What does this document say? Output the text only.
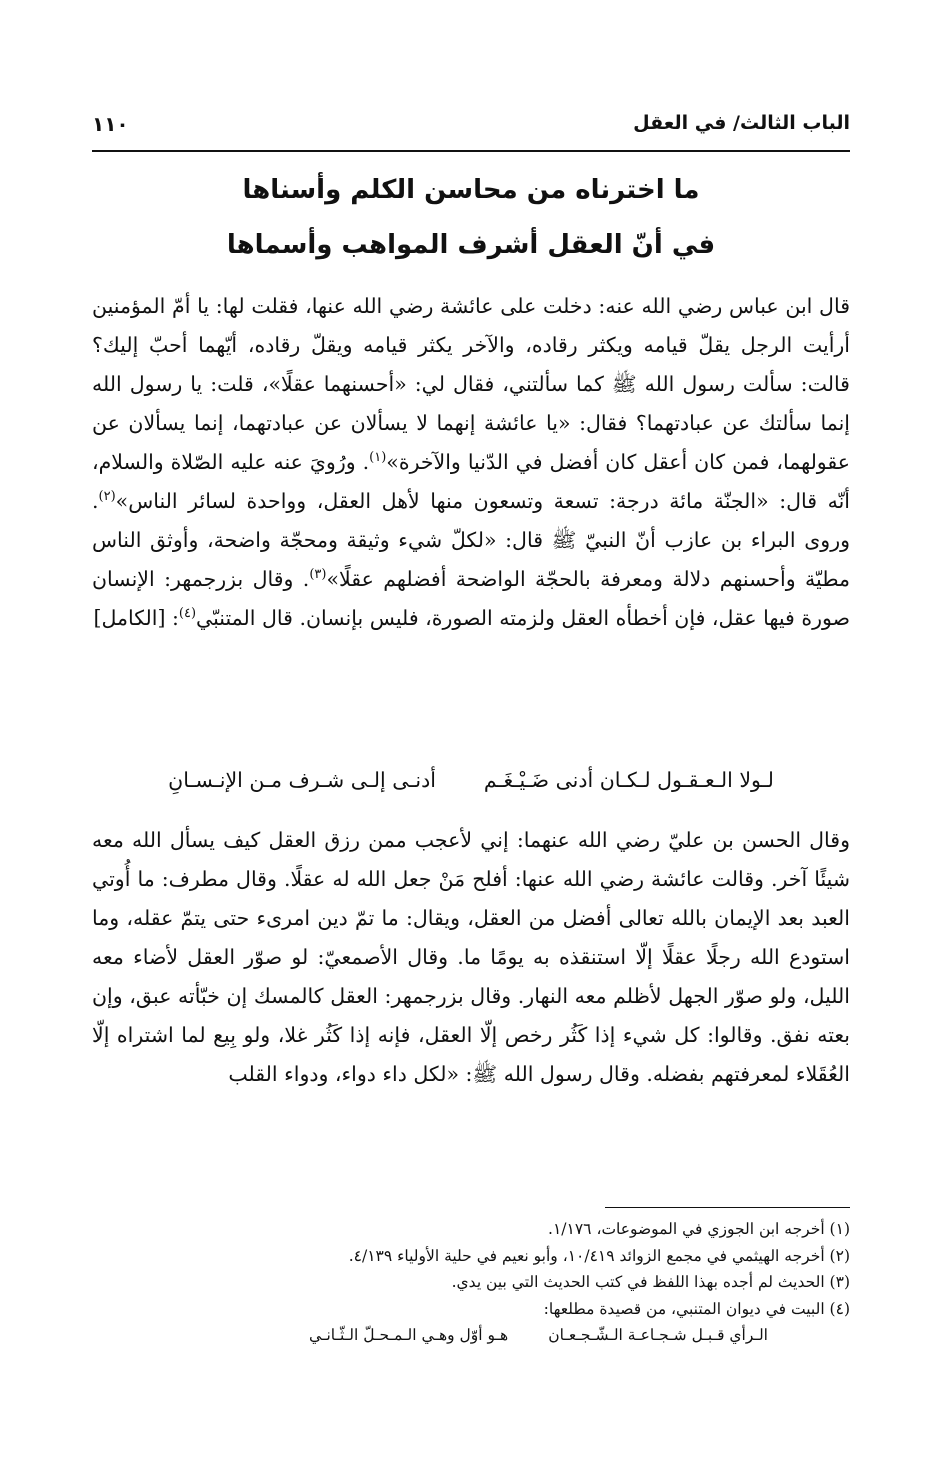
الباب الثالث/ في العقل
١١٠
ما اخترناه من محاسن الكلم وأسناها
في أنّ العقل أشرف المواهب وأسماها

قال ابن عباس رضي الله عنه: دخلت على عائشة رضي الله عنها، فقلت لها: يا أمّ المؤمنين أرأيت الرجل يقلّ قيامه ويكثر رقاده، والآخر يكثر قيامه ويقلّ رقاده، أيّهما أحبّ إليك؟ قالت: سألت رسول الله ﷺ كما سألتني، فقال لي: «أحسنهما عقلًا»، قلت: يا رسول الله إنما سألتك عن عبادتهما؟ فقال: «يا عائشة إنهما لا يسألان عن عبادتهما، إنما يسألان عن عقولهما، فمن كان أعقل كان أفضل في الدّنيا والآخرة»$^{(١)}$. ورُويَ عنه عليه الصّلاة والسلام، أنّه قال: «الجنّة مائة درجة: تسعة وتسعون منها لأهل العقل، وواحدة لسائر الناس»$^{(٢)}$. وروى البراء بن عازب أنّ النبيّ ﷺ قال: «لكلّ شيء وثيقة ومحجّة واضحة، وأوثق الناس مطيّة وأحسنهم دلالة ومعرفة بالحجّة الواضحة أفضلهم عقلًا»$^{(٣)}$. وقال بزرجمهر: الإنسان صورة فيها عقل، فإن أخطأه العقل ولزمته الصورة، فليس بإنسان. قال المتنبّي$^{(٤)}$: [الكامل]

لـولا الـعـقـول لـكـان أدنى ضَـيْـغَـم
أدنـى إلـى شـرف مـن الإنـسـانِ

وقال الحسن بن عليّ رضي الله عنهما: إني لأعجب ممن رزق العقل كيف يسأل الله معه شيئًا آخر. وقالت عائشة رضي الله عنها: أفلح مَنْ جعل الله له عقلًا. وقال مطرف: ما أُوتي العبد بعد الإيمان بالله تعالى أفضل من العقل، ويقال: ما تمّ دين امرىء حتى يتمّ عقله، وما استودع الله رجلًا عقلًا إلّا استنقذه به يومًا ما. وقال الأصمعيّ: لو صوّر العقل لأضاء معه الليل، ولو صوّر الجهل لأظلم معه النهار. وقال بزرجمهر: العقل كالمسك إن خبّأته عبق، وإن بعته نفق. وقالوا: كل شيء إذا كَثُر رخص إلّا العقل، فإنه إذا كَثُر غلا، ولو بِيع لما اشتراه إلّا العُقَلاء لمعرفتهم بفضله. وقال رسول الله ﷺ: «لكل داء دواء، ودواء القلب

(١) أخرجه ابن الجوزي في الموضوعات، ١/١٧٦.
(٢) أخرجه الهيثمي في مجمع الزوائد ١٠/٤١٩، وأبو نعيم في حلية الأولياء ٤/١٣٩.
(٣) الحديث لم أجده بهذا اللفظ في كتب الحديث التي بين يدي.
(٤) البيت في ديوان المتنبي، من قصيدة مطلعها:
الـرأي قـبـل شـجـاعـة الـشّـجـعـان
هـو أوّل وهـي الـمـحـلّ الـثّـانـي
